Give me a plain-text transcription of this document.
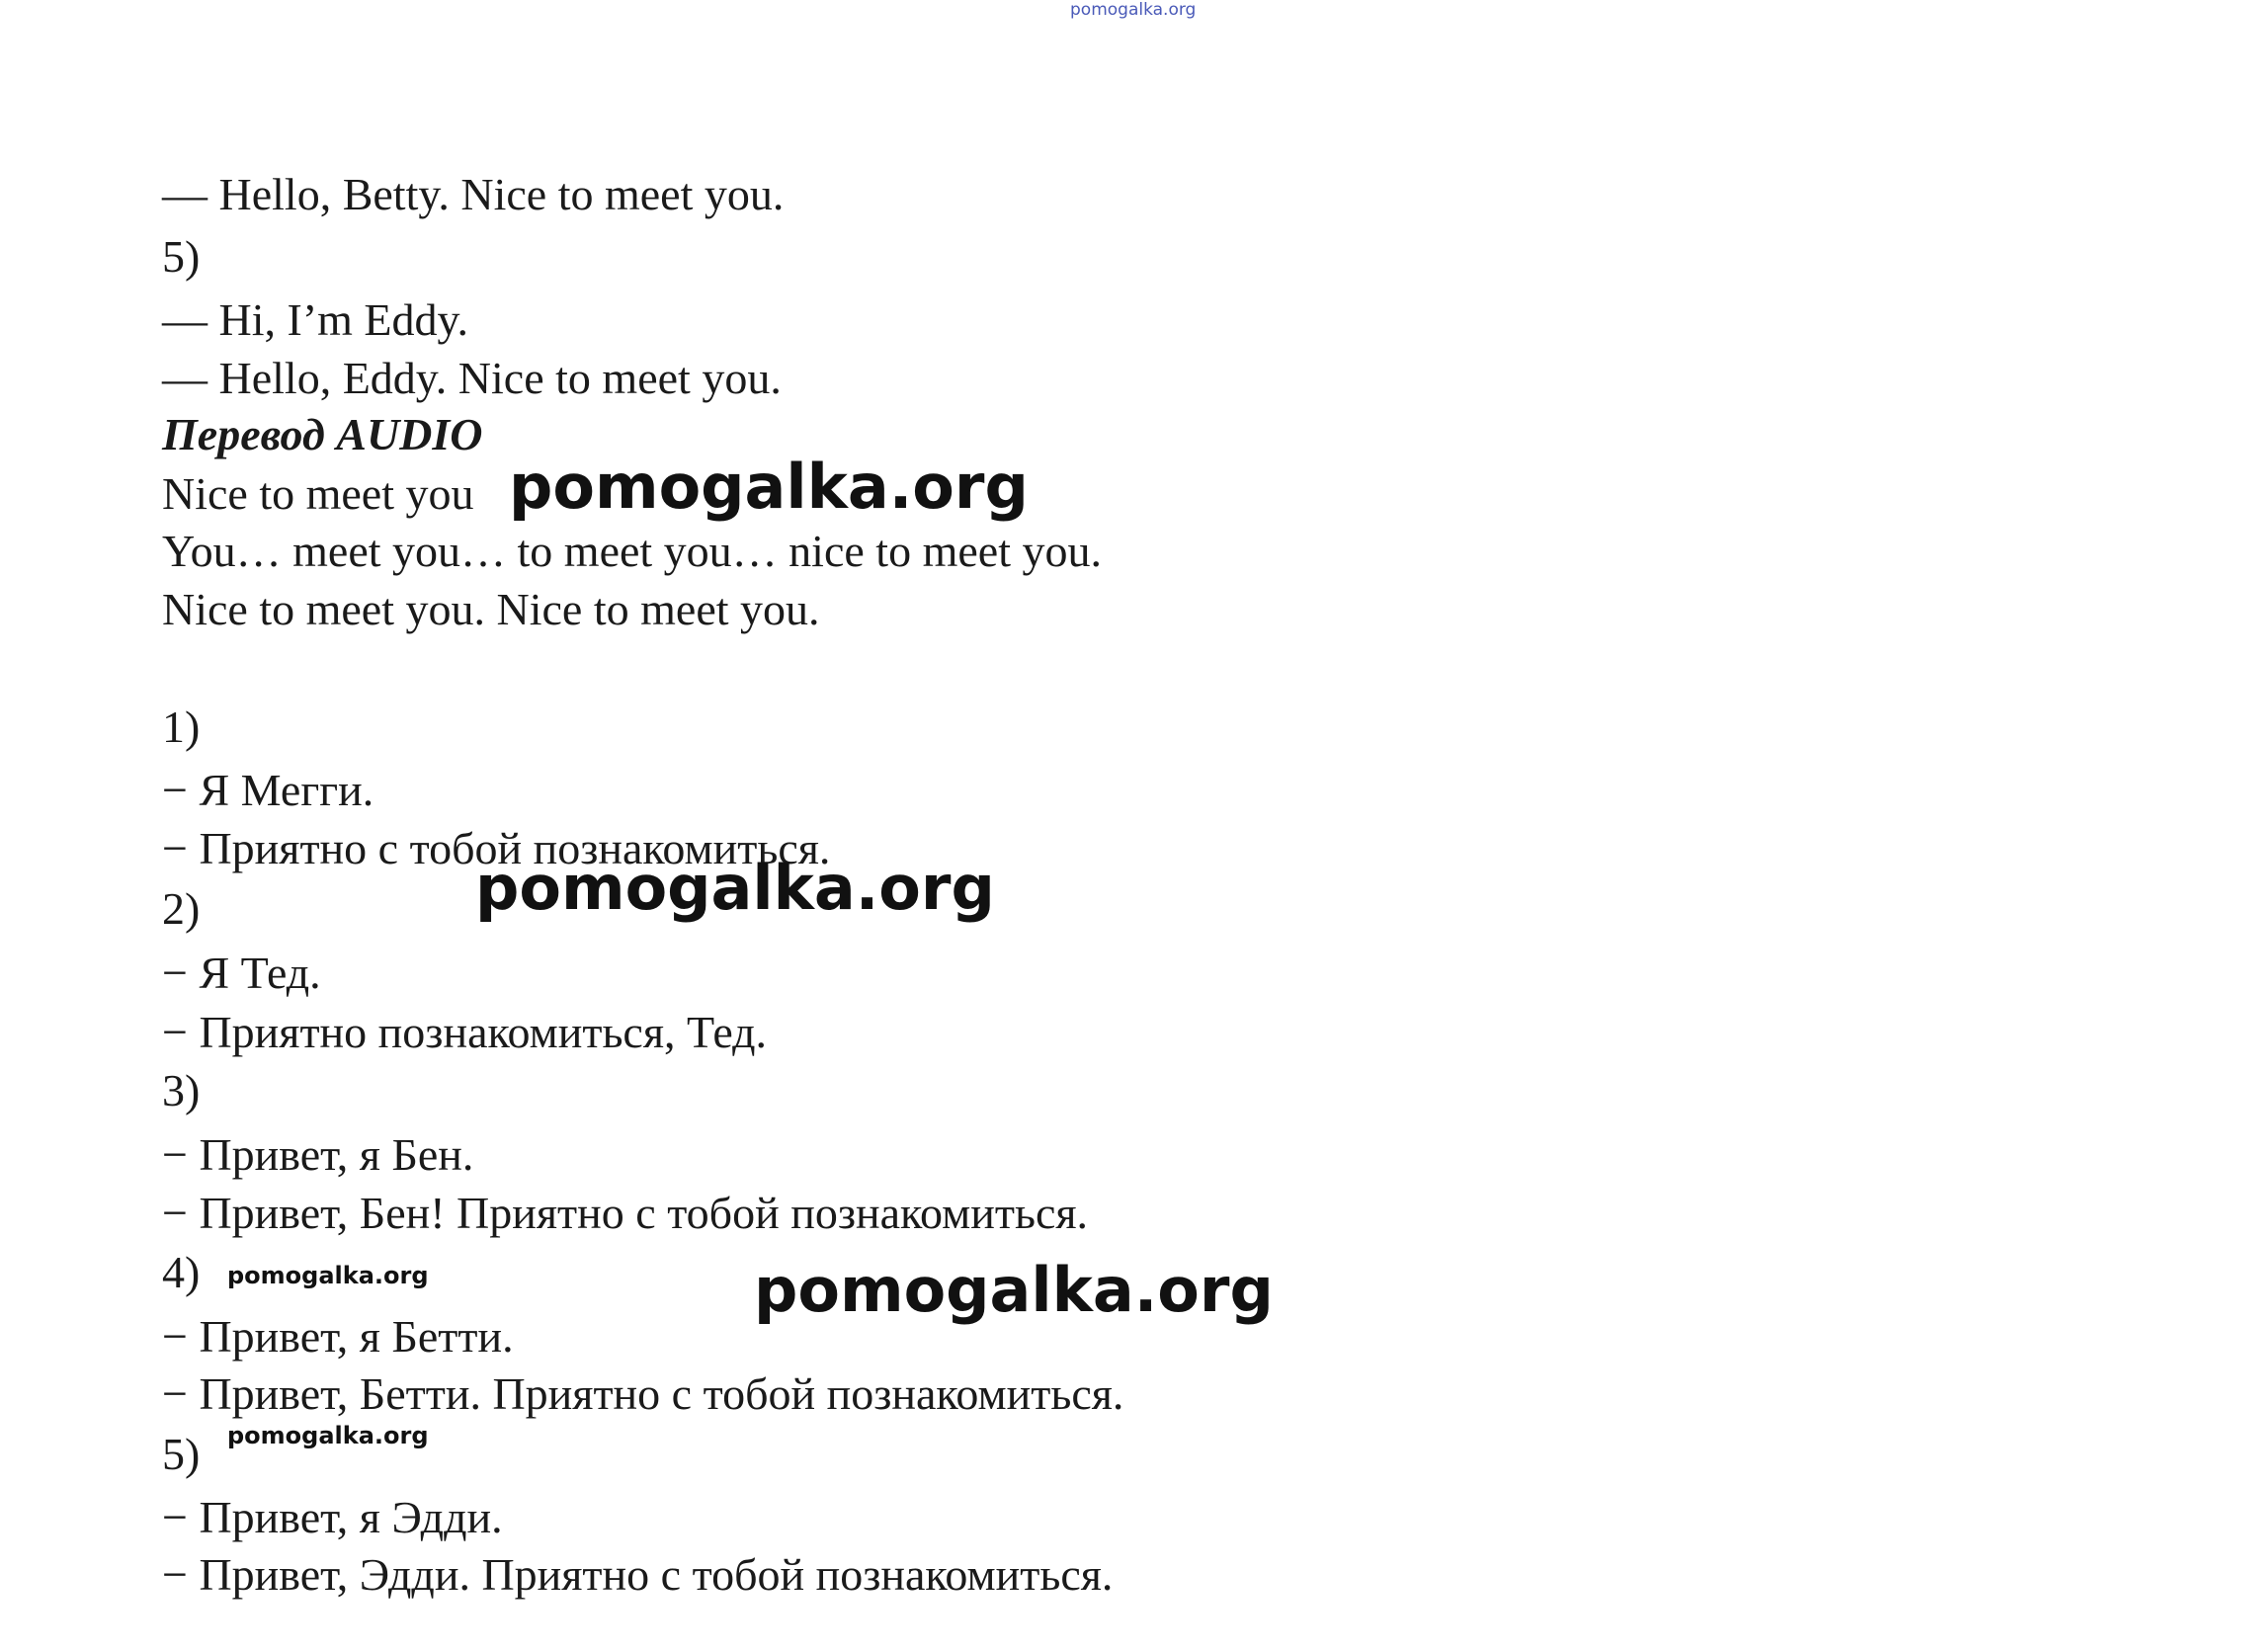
pomogalka.org
— Hello, Betty. Nice to meet you.
5)
— Hi, I’m Eddy.
— Hello, Eddy. Nice to meet you.
Перевод AUDIO
Nice to meet you
You… meet you… to meet you… nice to meet you.
Nice to meet you. Nice to meet you.
1)
− Я Мегги.
− Приятно с тобой познакомиться.
2)
− Я Тед.
− Приятно познакомиться, Тед.
3)
− Привет, я Бен.
− Привет, Бен! Приятно с тобой познакомиться.
4)
− Привет, я Бетти.
− Привет, Бетти. Приятно с тобой познакомиться.
5)
− Привет, я Эдди.
− Привет, Эдди. Приятно с тобой познакомиться.
pomogalka.org
pomogalka.org
pomogalka.org
pomogalka.org
pomogalka.org
